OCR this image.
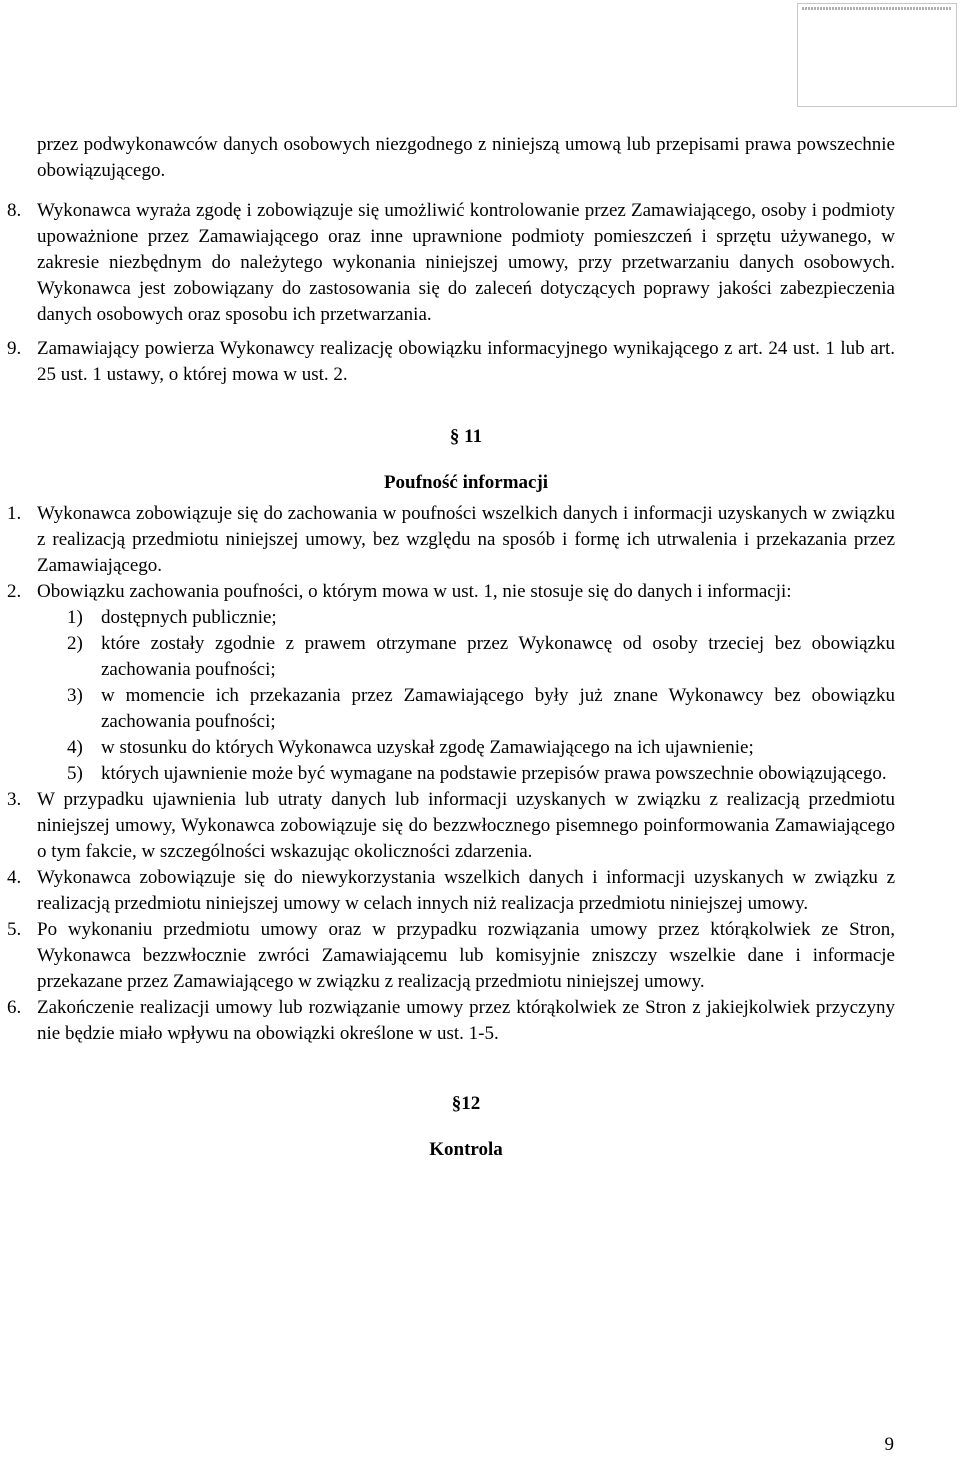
przez podwykonawców danych osobowych niezgodnego z niniejszą umową lub przepisami prawa powszechnie obowiązującego.

8. Wykonawca wyraża zgodę i zobowiązuje się umożliwić kontrolowanie przez Zamawiającego, osoby i podmioty upoważnione przez Zamawiającego oraz inne uprawnione podmioty pomieszczeń i sprzętu używanego, w zakresie niezbędnym do należytego wykonania niniejszej umowy, przy przetwarzaniu danych osobowych. Wykonawca jest zobowiązany do zastosowania się do zaleceń dotyczących poprawy jakości zabezpieczenia danych osobowych oraz sposobu ich przetwarzania.

9. Zamawiający powierza Wykonawcy realizację obowiązku informacyjnego wynikającego z art. 24 ust. 1 lub art. 25 ust. 1 ustawy, o której mowa w ust. 2.

§ 11

Poufność informacji

1. Wykonawca zobowiązuje się do zachowania w poufności wszelkich danych i informacji uzyskanych w związku z realizacją przedmiotu niniejszej umowy, bez względu na sposób i formę ich utrwalenia i przekazania przez Zamawiającego.

2. Obowiązku zachowania poufności, o którym mowa w ust. 1, nie stosuje się do danych i informacji:

1) dostępnych publicznie;

2) które zostały zgodnie z prawem otrzymane przez Wykonawcę od osoby trzeciej bez obowiązku zachowania poufności;

3) w momencie ich przekazania przez Zamawiającego były już znane Wykonawcy bez obowiązku zachowania poufności;

4) w stosunku do których Wykonawca uzyskał zgodę Zamawiającego na ich ujawnienie;

5) których ujawnienie może być wymagane na podstawie przepisów prawa powszechnie obowiązującego.

3. W przypadku ujawnienia lub utraty danych lub informacji uzyskanych w związku z realizacją przedmiotu niniejszej umowy, Wykonawca zobowiązuje się do bezzwłocznego pisemnego poinformowania Zamawiającego o tym fakcie, w szczególności wskazując okoliczności zdarzenia.

4. Wykonawca zobowiązuje się do niewykorzystania wszelkich danych i informacji uzyskanych w związku z realizacją przedmiotu niniejszej umowy w celach innych niż realizacja przedmiotu niniejszej umowy.

5. Po wykonaniu przedmiotu umowy oraz w przypadku rozwiązania umowy przez którąkolwiek ze Stron, Wykonawca bezzwłocznie zwróci Zamawiającemu lub komisyjnie zniszczy wszelkie dane i informacje przekazane przez Zamawiającego w związku z realizacją przedmiotu niniejszej umowy.

6. Zakończenie realizacji umowy lub rozwiązanie umowy przez którąkolwiek ze Stron z jakiejkolwiek przyczyny nie będzie miało wpływu na obowiązki określone w ust. 1-5.

§12

Kontrola

9
